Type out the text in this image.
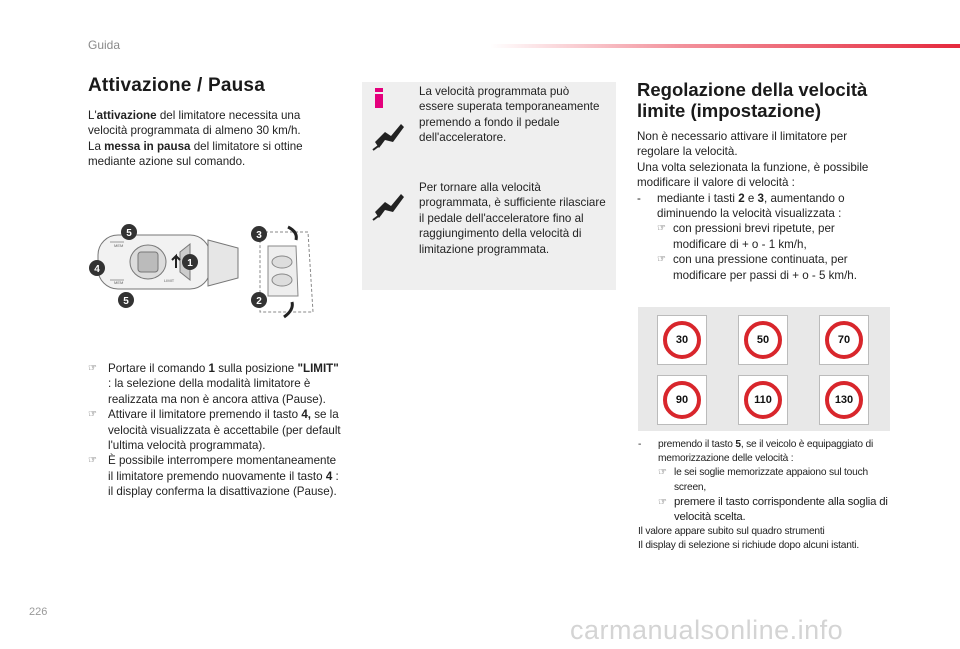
Guida
Attivazione / Pausa
L'attivazione del limitatore necessita una velocità programmata di almeno 30 km/h.
La messa in pausa del limitatore si ottine mediante azione sul comando.
MEM
MEM	LIMIT
5
4
5
1
3
2
☞ Portare il comando 1 sulla posizione "LIMIT" : la selezione della modalità limitatore è realizzata ma non è ancora attiva (Pause).
☞ Attivare il limitatore premendo il tasto 4, se la velocità visualizzata è accettabile (per default l'ultima velocità programmata).
☞ È possibile interrompere momentaneamente il limitatore premendo nuovamente il tasto 4 : il display conferma la disattivazione (Pause).
La velocità programmata può essere superata temporaneamente premendo a fondo il pedale dell'acceleratore.
Per tornare alla velocità programmata, è sufficiente rilasciare il pedale dell'acceleratore fino al raggiungimento della velocità di limitazione programmata.
Regolazione della velocità limite (impostazione)
Non è necessario attivare il limitatore per regolare la velocità.
Una volta selezionata la funzione, è possibile modificare il valore di velocità :
- mediante i tasti 2 e 3, aumentando o diminuendo la velocità visualizzata :
☞ con pressioni brevi ripetute, per modificare di + o - 1 km/h,
☞ con una pressione continuata, per modificare per passi di + o - 5 km/h.
30	50	70
90	110	130
- premendo il tasto 5, se il veicolo è equipaggiato di memorizzazione delle velocità :
☞ le sei soglie memorizzate appaiono sul touch screen,
☞ premere il tasto corrispondente alla soglia di velocità scelta.
Il valore appare subito sul quadro strumenti
Il display di selezione si richiude dopo alcuni istanti.
226
carmanualsonline.info
